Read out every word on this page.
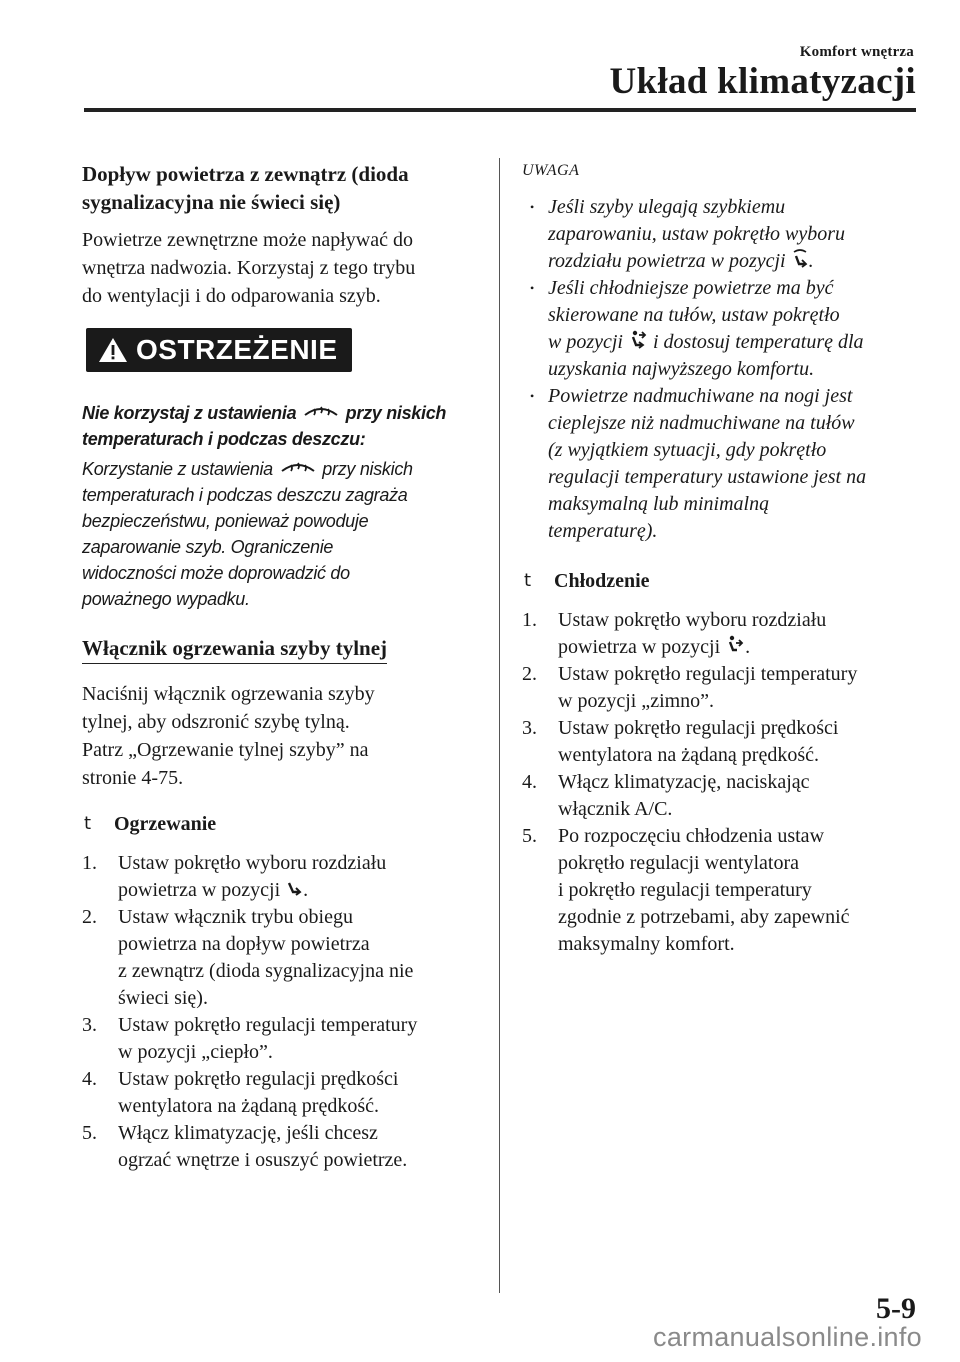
Komfort wnętrza
Układ klimatyzacji
Dopływ powietrza z zewnątrz (dioda
sygnalizacyjna nie świeci się)
Powietrze zewnętrzne może napływać do
wnętrza nadwozia. Korzystaj z tego trybu
do wentylacji i do odparowania szyb.
OSTRZEŻENIE
Nie korzystaj z ustawienia  przy niskich
temperaturach i podczas deszczu:
Korzystanie z ustawienia  przy niskich
temperaturach i podczas deszczu zagraża
bezpieczeństwu, ponieważ powoduje
zaparowanie szyb. Ograniczenie
widoczności może doprowadzić do
poważnego wypadku.
Włącznik ogrzewania szyby tylnej
Naciśnij włącznik ogrzewania szyby
tylnej, aby odszronić szybę tylną.
Patrz „Ogrzewanie tylnej szyby” na
stronie 4-75.
t	Ogrzewanie
1. Ustaw pokrętło wyboru rozdziału
powietrza w pozycji .
2. Ustaw włącznik trybu obiegu
powietrza na dopływ powietrza
z zewnątrz (dioda sygnalizacyjna nie
świeci się).
3. Ustaw pokrętło regulacji temperatury
w pozycji „ciepło”.
4. Ustaw pokrętło regulacji prędkości
wentylatora na żądaną prędkość.
5. Włącz klimatyzację, jeśli chcesz
ogrzać wnętrze i osuszyć powietrze.
UWAGA
• Jeśli szyby ulegają szybkiemu
zaparowaniu, ustaw pokrętło wyboru
rozdziału powietrza w pozycji .
• Jeśli chłodniejsze powietrze ma być
skierowane na tułów, ustaw pokrętło
w pozycji  i dostosuj temperaturę dla
uzyskania najwyższego komfortu.
• Powietrze nadmuchiwane na nogi jest
cieplejsze niż nadmuchiwane na tułów
(z wyjątkiem sytuacji, gdy pokrętło
regulacji temperatury ustawione jest na
maksymalną lub minimalną
temperaturę).
t	Chłodzenie
1. Ustaw pokrętło wyboru rozdziału
powietrza w pozycji .
2. Ustaw pokrętło regulacji temperatury
w pozycji „zimno”.
3. Ustaw pokrętło regulacji prędkości
wentylatora na żądaną prędkość.
4. Włącz klimatyzację, naciskając
włącznik A/C.
5. Po rozpoczęciu chłodzenia ustaw
pokrętło regulacji wentylatora
i pokrętło regulacji temperatury
zgodnie z potrzebami, aby zapewnić
maksymalny komfort.
5-9
carmanualsonline.info
